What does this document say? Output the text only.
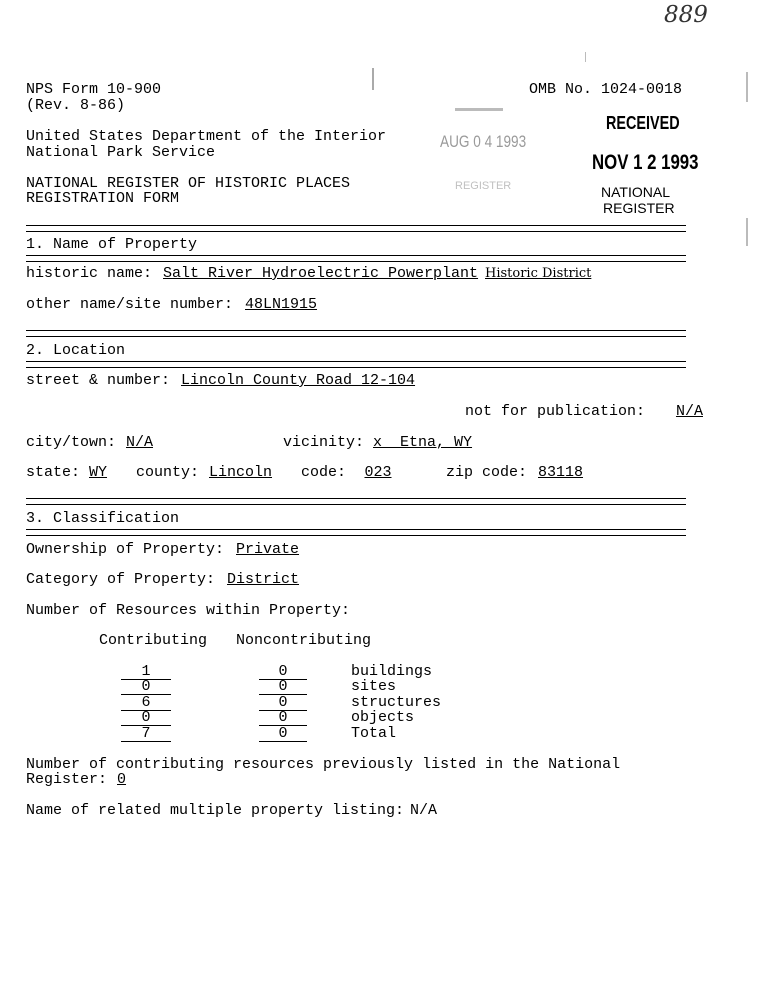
889
NPS Form 10-900
(Rev. 8-86)
OMB No. 1024-0018
United States Department of the Interior
National Park Service
NATIONAL REGISTER OF HISTORIC PLACES
REGISTRATION FORM
RECEIVED
NOV 1 2 1993
NATIONAL
REGISTER
AUG 0 4 1993
REGISTER
1. Name of Property
historic name: Salt River Hydroelectric Powerplant Historic District
other name/site number: 48LN1915
2. Location
street & number: Lincoln County Road 12-104
not for publication:	N/A
city/town: N/A	vicinity: x  Etna, WY
state: WY county: Lincoln code:	023	zip code: 83118
3. Classification
Ownership of Property: Private
Category of Property: District
Number of Resources within Property:
Contributing Noncontributing
1	0	buildings
0	0	sites
6	0	structures
0	0	objects
7	0	Total
Number of contributing resources previously listed in the National
Register: 0
Name of related multiple property listing: N/A
